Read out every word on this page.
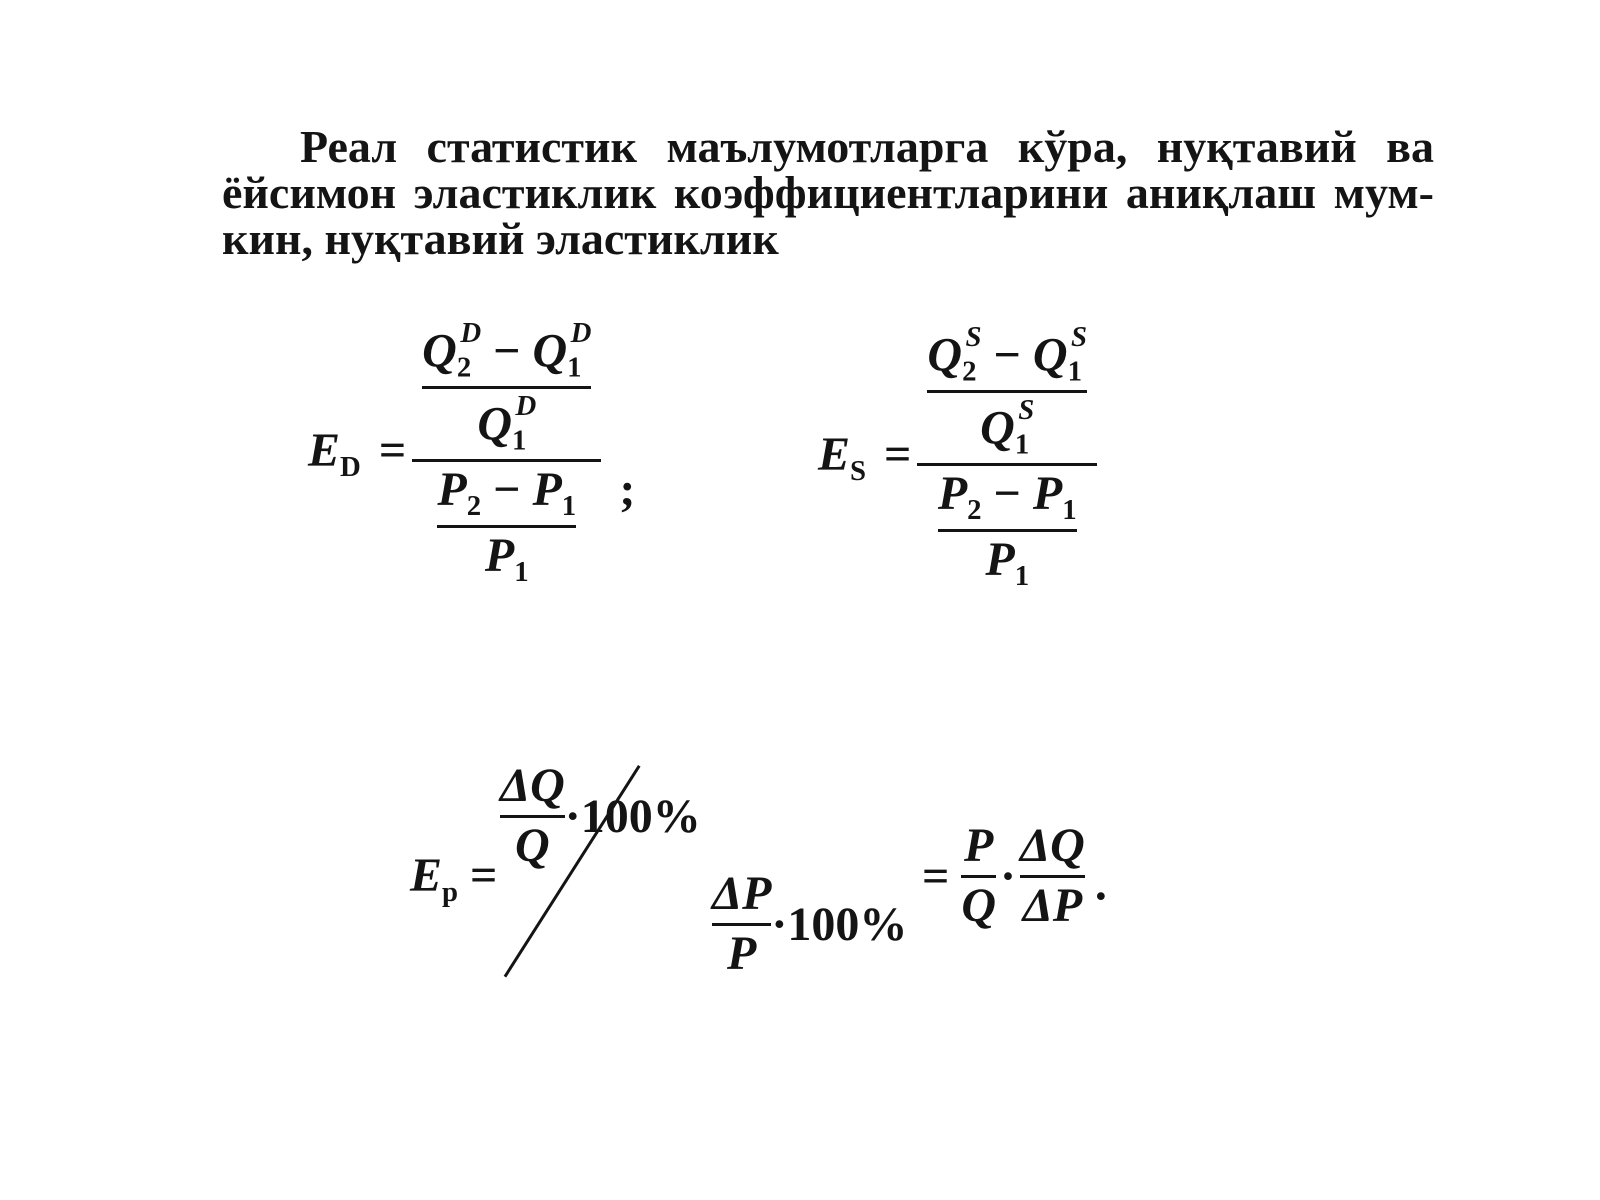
Реал статистик маълумотларга кўра, нуқтавий ва
ёйсимон эластиклик коэффициентларини аниқлаш мум-
кин, нуқтавий эластиклик
$E_D = \frac{\frac{Q_2^D - Q_1^D}{Q_1^D}}{\frac{P_2 - P_1}{P_1}}$ ;
$E_S = \frac{\frac{Q_2^S - Q_1^S}{Q_1^S}}{\frac{P_2 - P_1}{P_1}}$
$E_p$ =
$\frac{\Delta Q}{Q} \cdot 100\%$
$\frac{\Delta P}{P} \cdot 100\%$
= $\frac{P}{Q} \cdot \frac{\Delta Q}{\Delta P}$ ·
